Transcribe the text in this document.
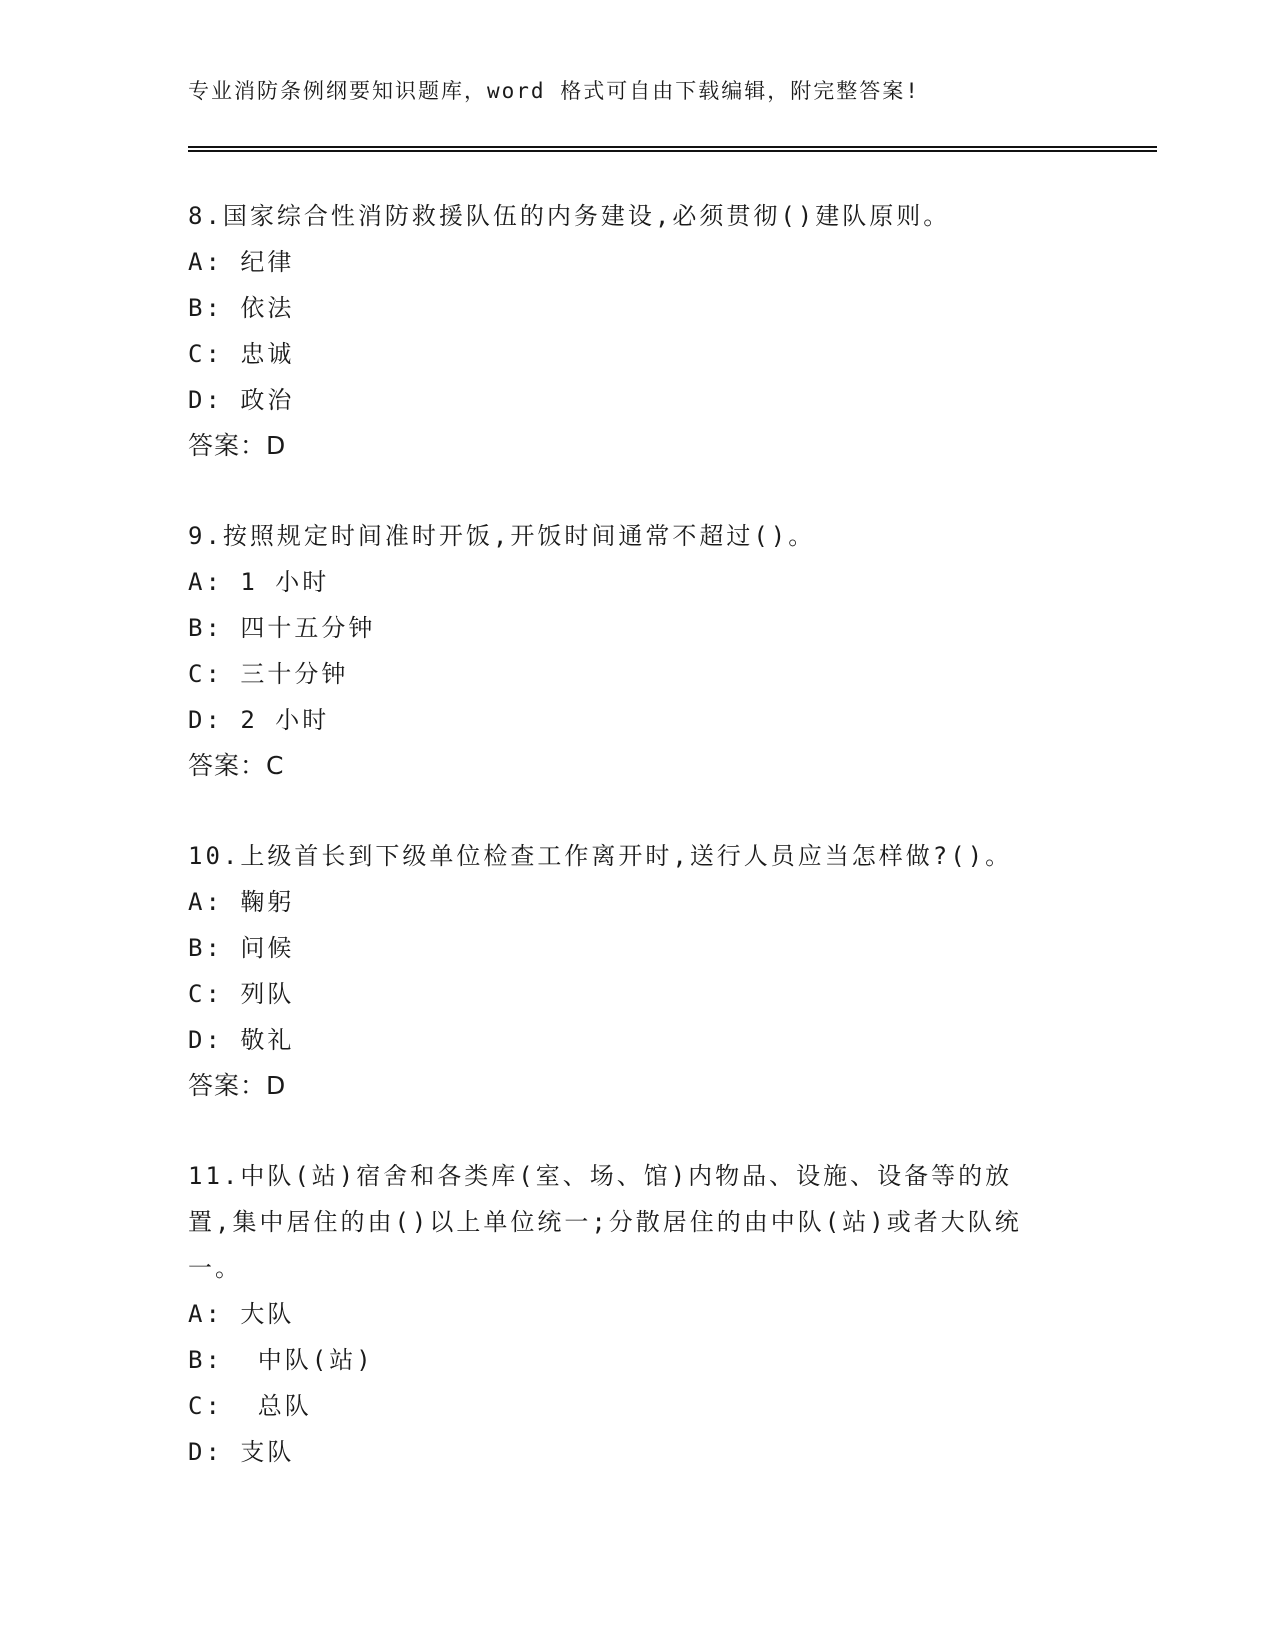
专业消防条例纲要知识题库，word 格式可自由下载编辑，附完整答案!
8.国家综合性消防救援队伍的内务建设,必须贯彻()建队原则。
A: 纪律
B: 依法
C: 忠诚
D: 政治
答案：D
9.按照规定时间准时开饭,开饭时间通常不超过()。
A: 1 小时
B: 四十五分钟
C: 三十分钟
D: 2 小时
答案：C
10.上级首长到下级单位检查工作离开时,送行人员应当怎样做?()。
A: 鞠躬
B: 问候
C: 列队
D: 敬礼
答案：D
11.中队(站)宿舍和各类库(室、场、馆)内物品、设施、设备等的放
置,集中居住的由()以上单位统一;分散居住的由中队(站)或者大队统
一。
A: 大队
B:  中队(站)
C:  总队
D: 支队
